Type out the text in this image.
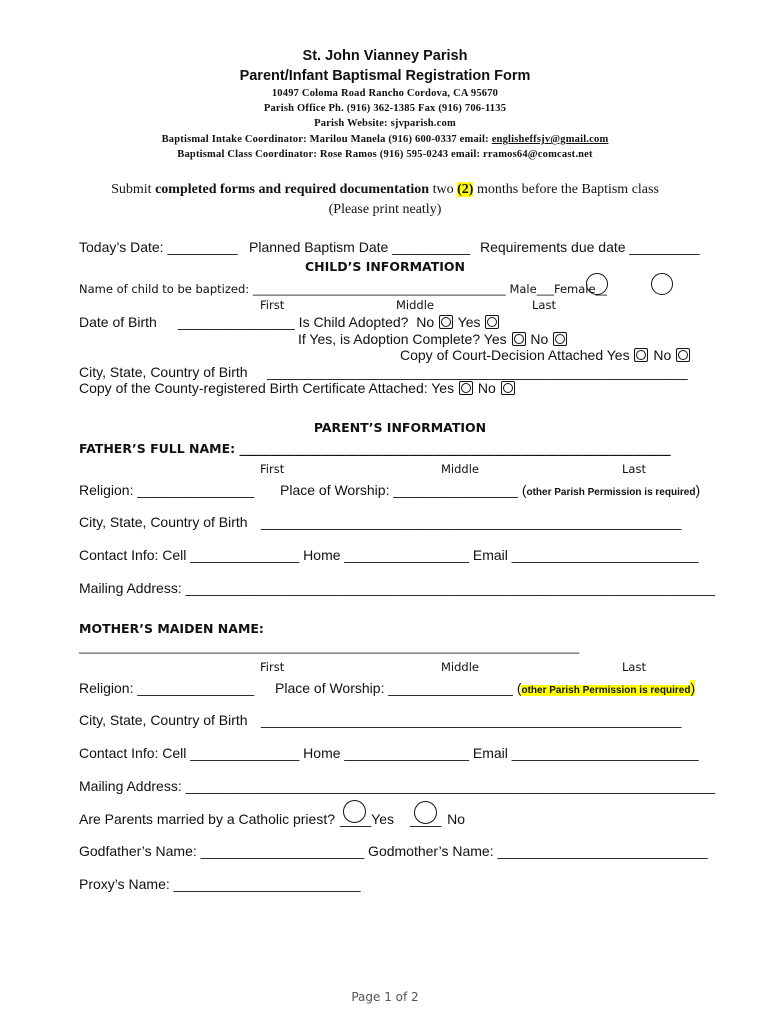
St. John Vianney Parish
Parent/Infant Baptismal Registration Form
10497 Coloma Road Rancho Cordova, CA 95670
Parish Office Ph. (916) 362-1385 Fax (916) 706-1135
Parish Website: sjvparish.com
Baptismal Intake Coordinator: Marilou Manela (916) 600-0337 email: englisheffsjv@gmail.com
Baptismal Class Coordinator: Rose Ramos (916) 595-0243 email: rramos64@comcast.net
Submit completed forms and required documentation two (2) months before the Baptism class
(Please print neatly)
Today’s Date: _________ Planned Baptism Date __________ Requirements due date _________
CHILD’S INFORMATION
Name of child to be baptized: ____________________________________________ Male___Female__
First	Middle	Last
Date of Birth _______________ Is Child Adopted?  No Yes
If Yes, is Adoption Complete? Yes No
Copy of Court-Decision Attached Yes No
City, State, Country of Birth     ______________________________________________________
Copy of the County-registered Birth Certificate Attached: Yes No
PARENT’S INFORMATION
FATHER’S FULL NAME: _____________________________________________________________________
First	Middle	Last
Religion: _______________ Place of Worship: ________________ (other Parish Permission is required)
City, State, Country of Birth ______________________________________________________
Contact Info: Cell ______________ Home ________________ Email ________________________
Mailing Address: ____________________________________________________________________
MOTHER’S MAIDEN NAME:
_______________________________________________________________________________________
First	Middle	Last
Religion: _______________ Place of Worship: ________________ (other Parish Permission is required)
City, State, Country of Birth ______________________________________________________
Contact Info: Cell ______________ Home ________________ Email ________________________
Mailing Address: ____________________________________________________________________
Are Parents married by a Catholic priest? ____Yes ____ No
Godfather’s Name: _____________________ Godmother’s Name: ___________________________
Proxy’s Name: ________________________
Page 1 of 2
